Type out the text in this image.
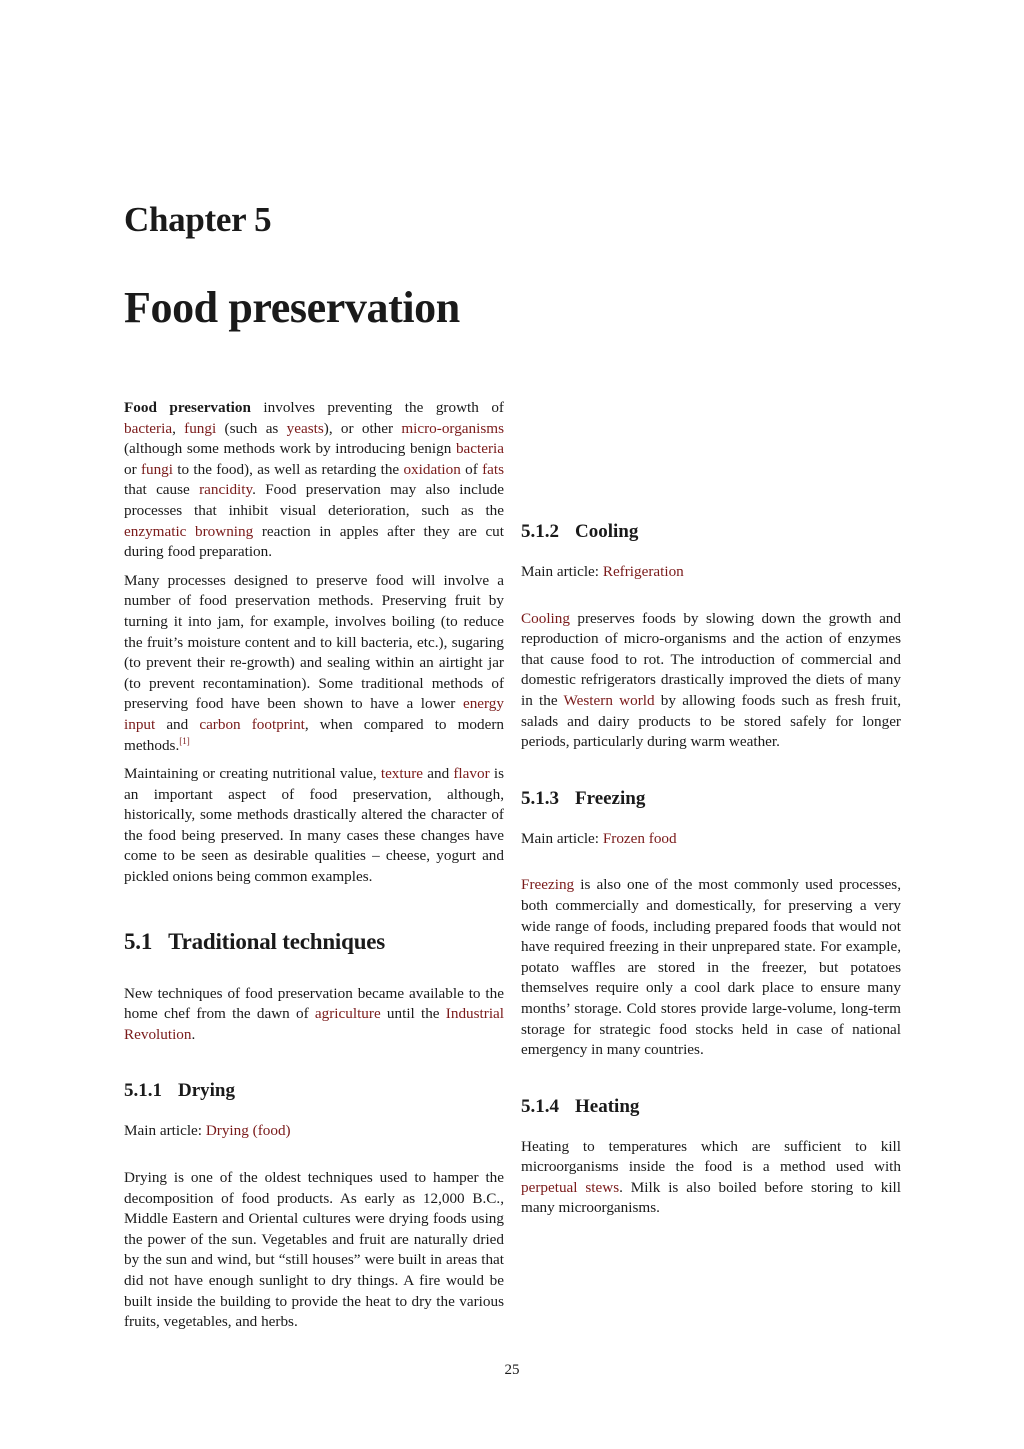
Chapter 5
Food preservation

Food preservation involves preventing the growth of bacteria, fungi (such as yeasts), or other micro-organisms (although some methods work by introducing benign bacteria or fungi to the food), as well as retarding the oxidation of fats that cause rancidity. Food preservation may also include processes that inhibit visual deterioration, such as the enzymatic browning reaction in apples after they are cut during food preparation.

Many processes designed to preserve food will involve a number of food preservation methods. Preserving fruit by turning it into jam, for example, involves boiling (to reduce the fruit’s moisture content and to kill bacteria, etc.), sugaring (to prevent their re-growth) and sealing within an airtight jar (to prevent recontamination). Some traditional methods of preserving food have been shown to have a lower energy input and carbon footprint, when compared to modern methods.[1]

Maintaining or creating nutritional value, texture and flavor is an important aspect of food preservation, although, historically, some methods drastically altered the character of the food being preserved. In many cases these changes have come to be seen as desirable qualities – cheese, yogurt and pickled onions being common examples.

5.1 Traditional techniques

New techniques of food preservation became available to the home chef from the dawn of agriculture until the Industrial Revolution.

5.1.1 Drying

Main article: Drying (food)

Drying is one of the oldest techniques used to hamper the decomposition of food products. As early as 12,000 B.C., Middle Eastern and Oriental cultures were drying foods using the power of the sun. Vegetables and fruit are naturally dried by the sun and wind, but “still houses” were built in areas that did not have enough sunlight to dry things. A fire would be built inside the building to provide the heat to dry the various fruits, vegetables, and herbs.

5.1.2 Cooling

Main article: Refrigeration

Cooling preserves foods by slowing down the growth and reproduction of micro-organisms and the action of enzymes that cause food to rot. The introduction of commercial and domestic refrigerators drastically improved the diets of many in the Western world by allowing foods such as fresh fruit, salads and dairy products to be stored safely for longer periods, particularly during warm weather.

5.1.3 Freezing

Main article: Frozen food

Freezing is also one of the most commonly used processes, both commercially and domestically, for preserving a very wide range of foods, including prepared foods that would not have required freezing in their unprepared state. For example, potato waffles are stored in the freezer, but potatoes themselves require only a cool dark place to ensure many months’ storage. Cold stores provide large-volume, long-term storage for strategic food stocks held in case of national emergency in many countries.

5.1.4 Heating

Heating to temperatures which are sufficient to kill microorganisms inside the food is a method used with perpetual stews. Milk is also boiled before storing to kill many microorganisms.

25
